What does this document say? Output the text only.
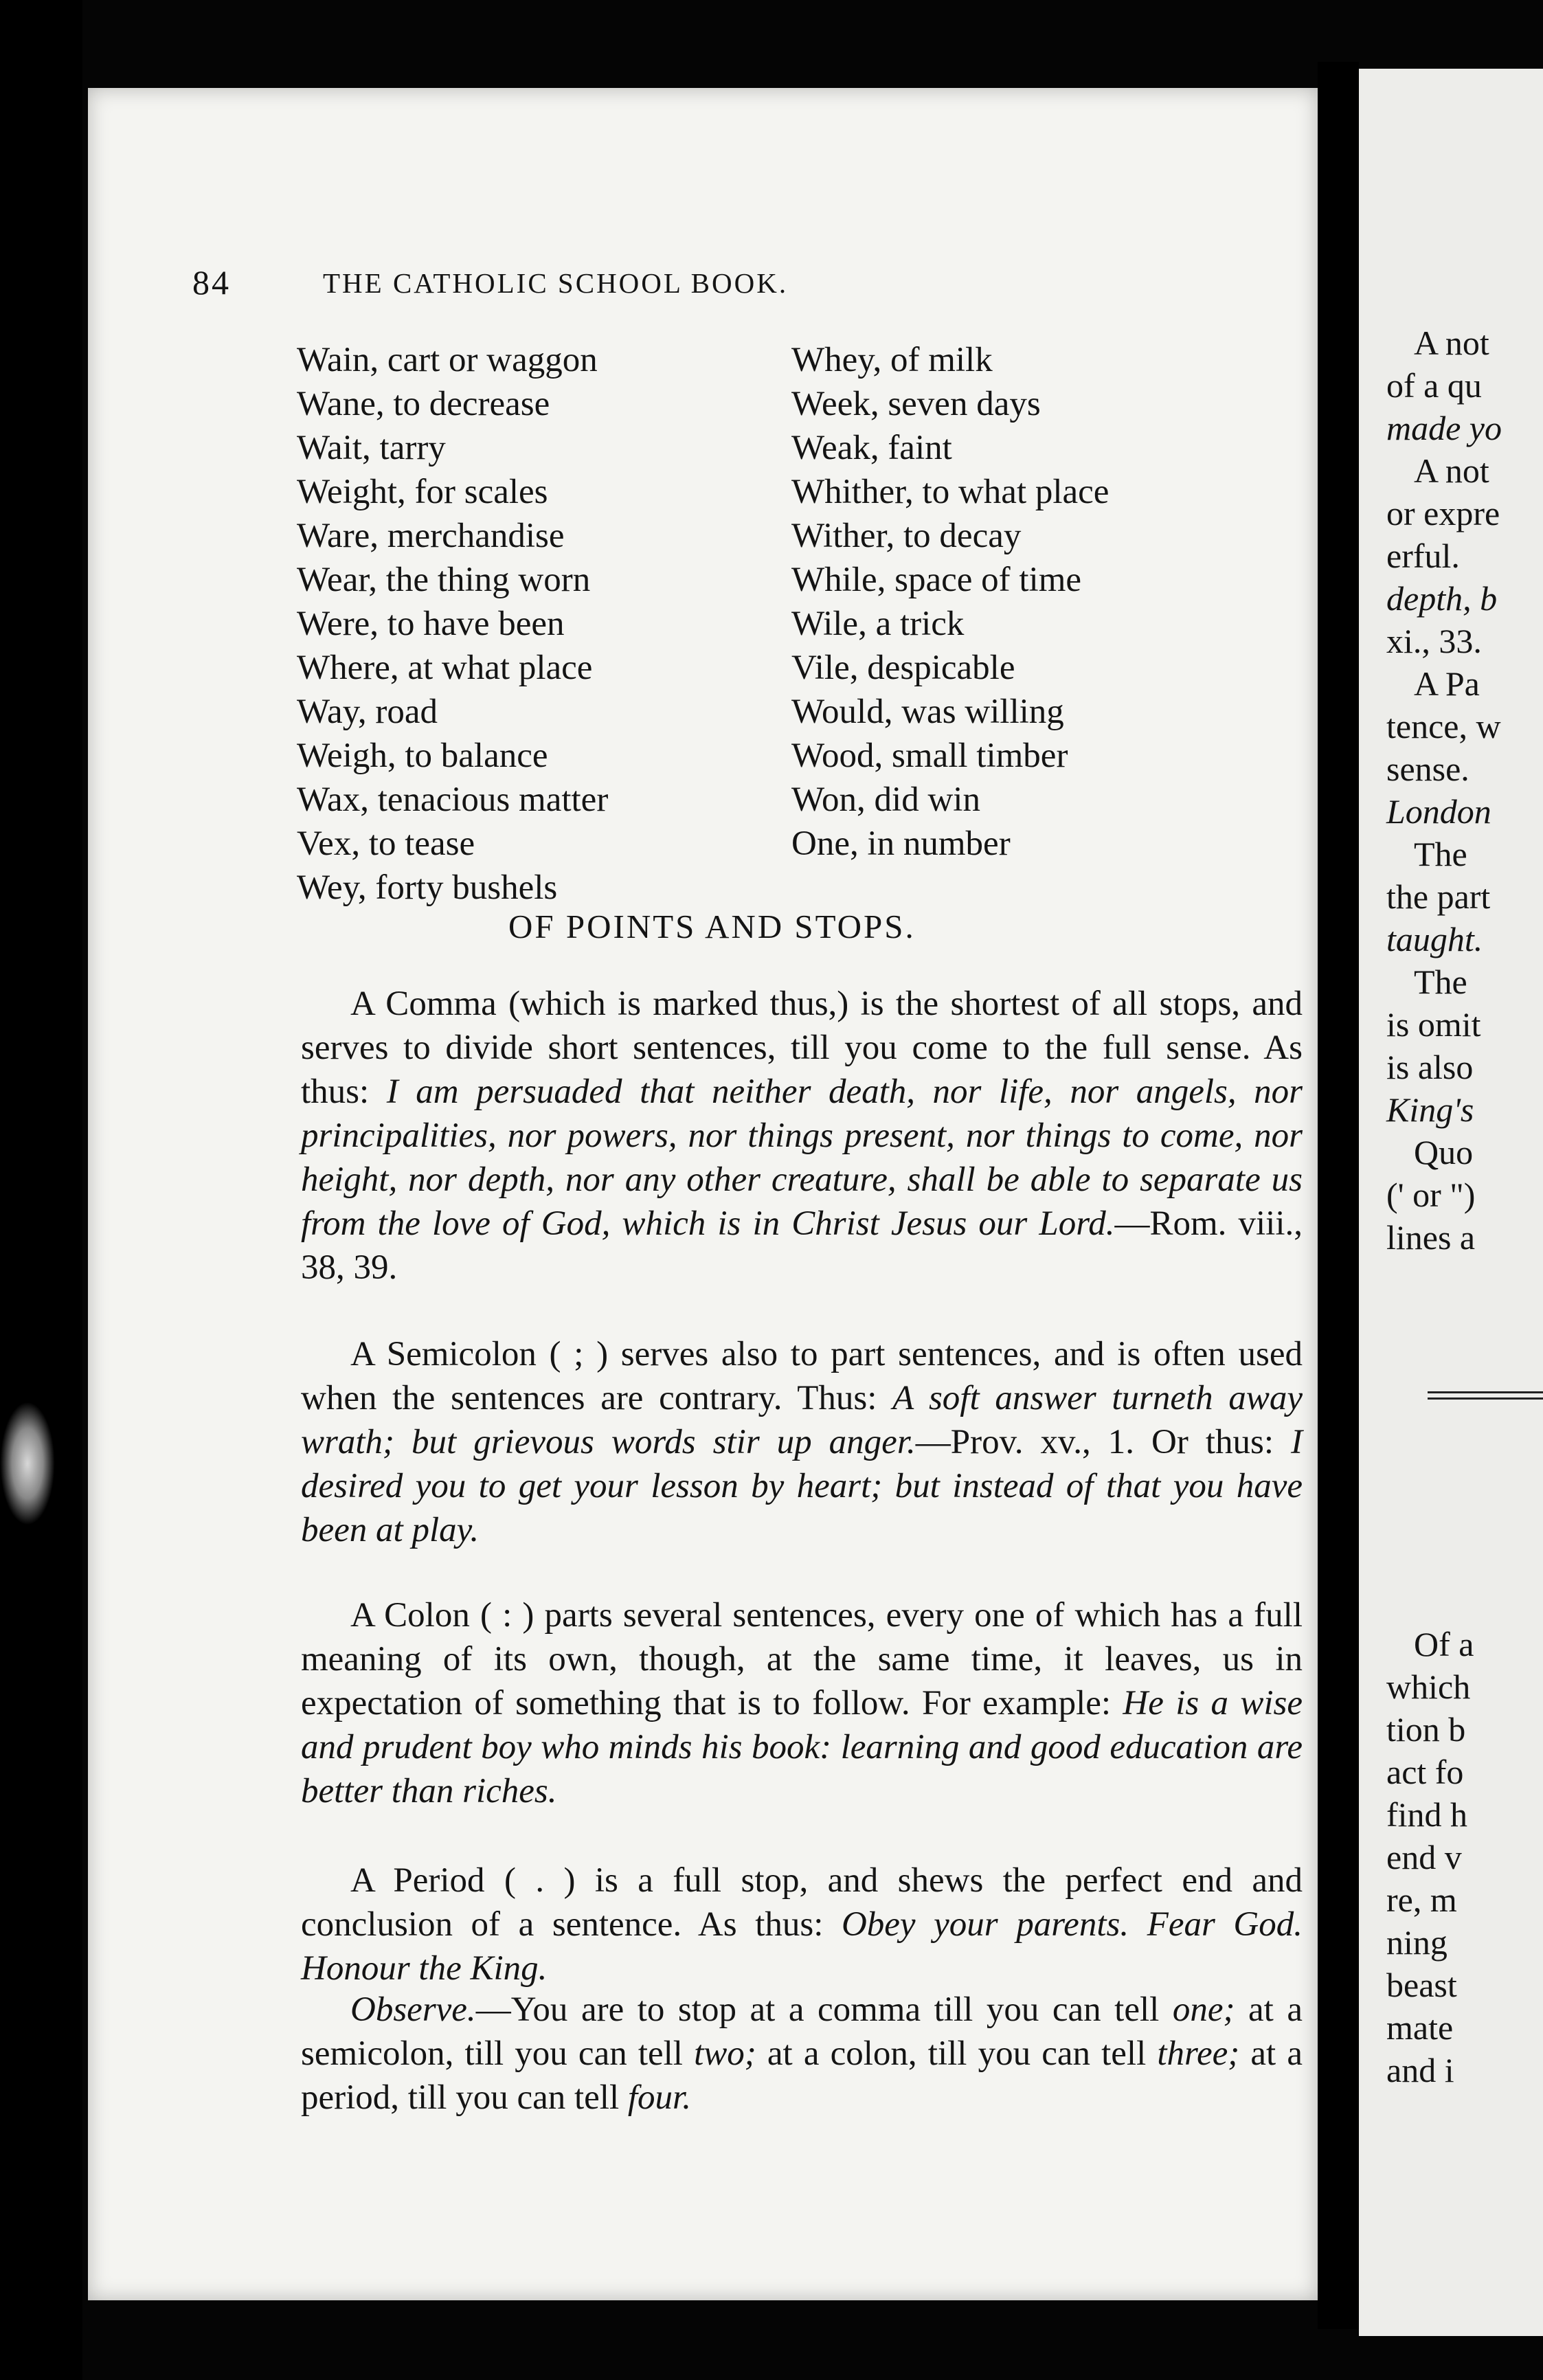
84	THE CATHOLIC SCHOOL BOOK.
Wain, cart or waggon
Wane, to decrease
Wait, tarry
Weight, for scales
Ware, merchandise
Wear, the thing worn
Were, to have been
Where, at what place
Way, road
Weigh, to balance
Wax, tenacious matter
Vex, to tease
Wey, forty bushels
Whey, of milk
Week, seven days
Weak, faint
Whither, to what place
Wither, to decay
While, space of time
Wile, a trick
Vile, despicable
Would, was willing
Wood, small timber
Won, did win
One, in number
OF POINTS AND STOPS.

A Comma (which is marked thus,) is the shortest of all stops, and serves to divide short sentences, till you come to the full sense. As thus: I am persuaded that neither death, nor life, nor angels, nor principalities, nor powers, nor things present, nor things to come, nor height, nor depth, nor any other creature, shall be able to separate us from the love of God, which is in Christ Jesus our Lord.—Rom. viii., 38, 39.

A Semicolon ( ; ) serves also to part sentences, and is often used when the sentences are contrary. Thus: A soft answer turneth away wrath; but grievous words stir up anger.—Prov. xv., 1. Or thus: I desired you to get your lesson by heart; but instead of that you have been at play.

A Colon ( : ) parts several sentences, every one of which has a full meaning of its own, though, at the same time, it leaves, us in expectation of something that is to follow. For example: He is a wise and prudent boy who minds his book: learning and good education are better than riches.

A Period ( . ) is a full stop, and shews the perfect end and conclusion of a sentence. As thus: Obey your parents. Fear God. Honour the King.

Observe.—You are to stop at a comma till you can tell one; at a semicolon, till you can tell two; at a colon, till you can tell three; at a period, till you can tell four.

A not
of a qu
made yo
A not
or expre
erful.
depth, b
xi., 33.
A Pa
tence, w
sense.
London
The
the part
taught.
The
is omit
is also
King's
Quo
(' or ")
lines a
Of a
which
tion b
act fo
find h
end v
re, m
ning
beast
mate
and i
